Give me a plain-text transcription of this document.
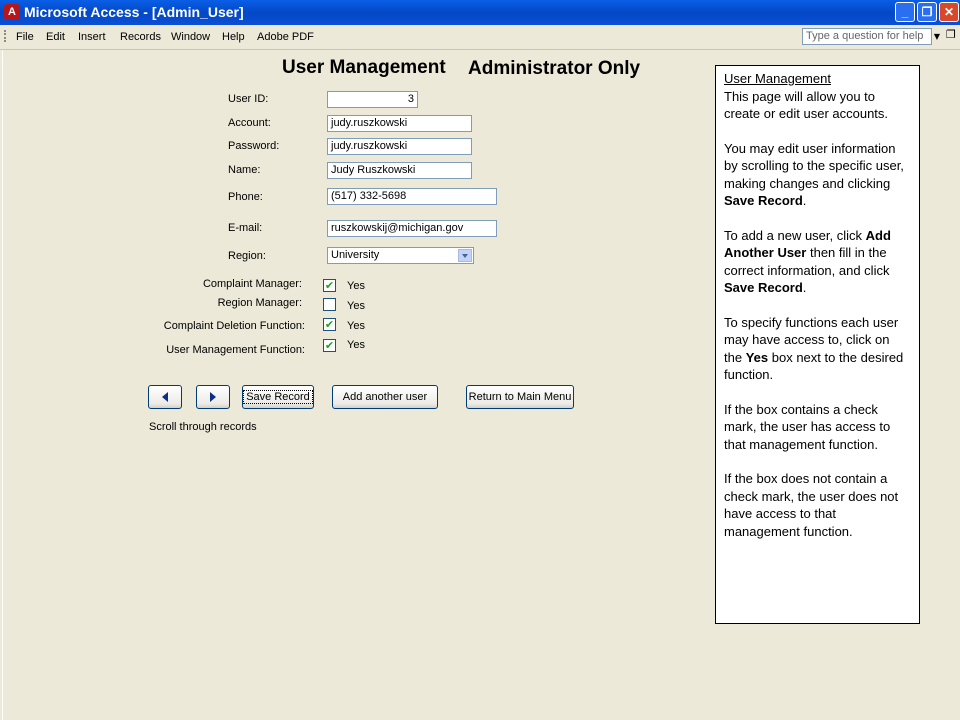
A Microsoft Access - [Admin_User]	_	❐ ✕
File Edit Insert Records Window Help Adobe PDF	Type a question for help	▼ ❐
User Management Administrator Only
User ID:	3
Account:	judy.ruszkowski
Password:	judy.ruszkowski
Name:	Judy Ruszkowski
Phone:	(517) 332-5698
E-mail:	ruszkowskij@michigan.gov
Region:	University
Complaint Manager: ✔ Yes
Region Manager:	Yes
Complaint Deletion Function: ✔ Yes
User Management Function: ✔ Yes
Save Record	Add another user	Return to Main Menu
Scroll through records
User Management

This page will allow you to create or edit user accounts.

You may edit user information by scrolling to the specific user, making changes and clicking Save Record.

To add a new user, click Add Another User then fill in the correct information, and click Save Record.

To specify functions each user may have access to, click on the Yes box next to the desired function.

If the box contains a check mark, the user has access to that management function.

If the box does not contain a check mark, the user does not have access to that management function.
